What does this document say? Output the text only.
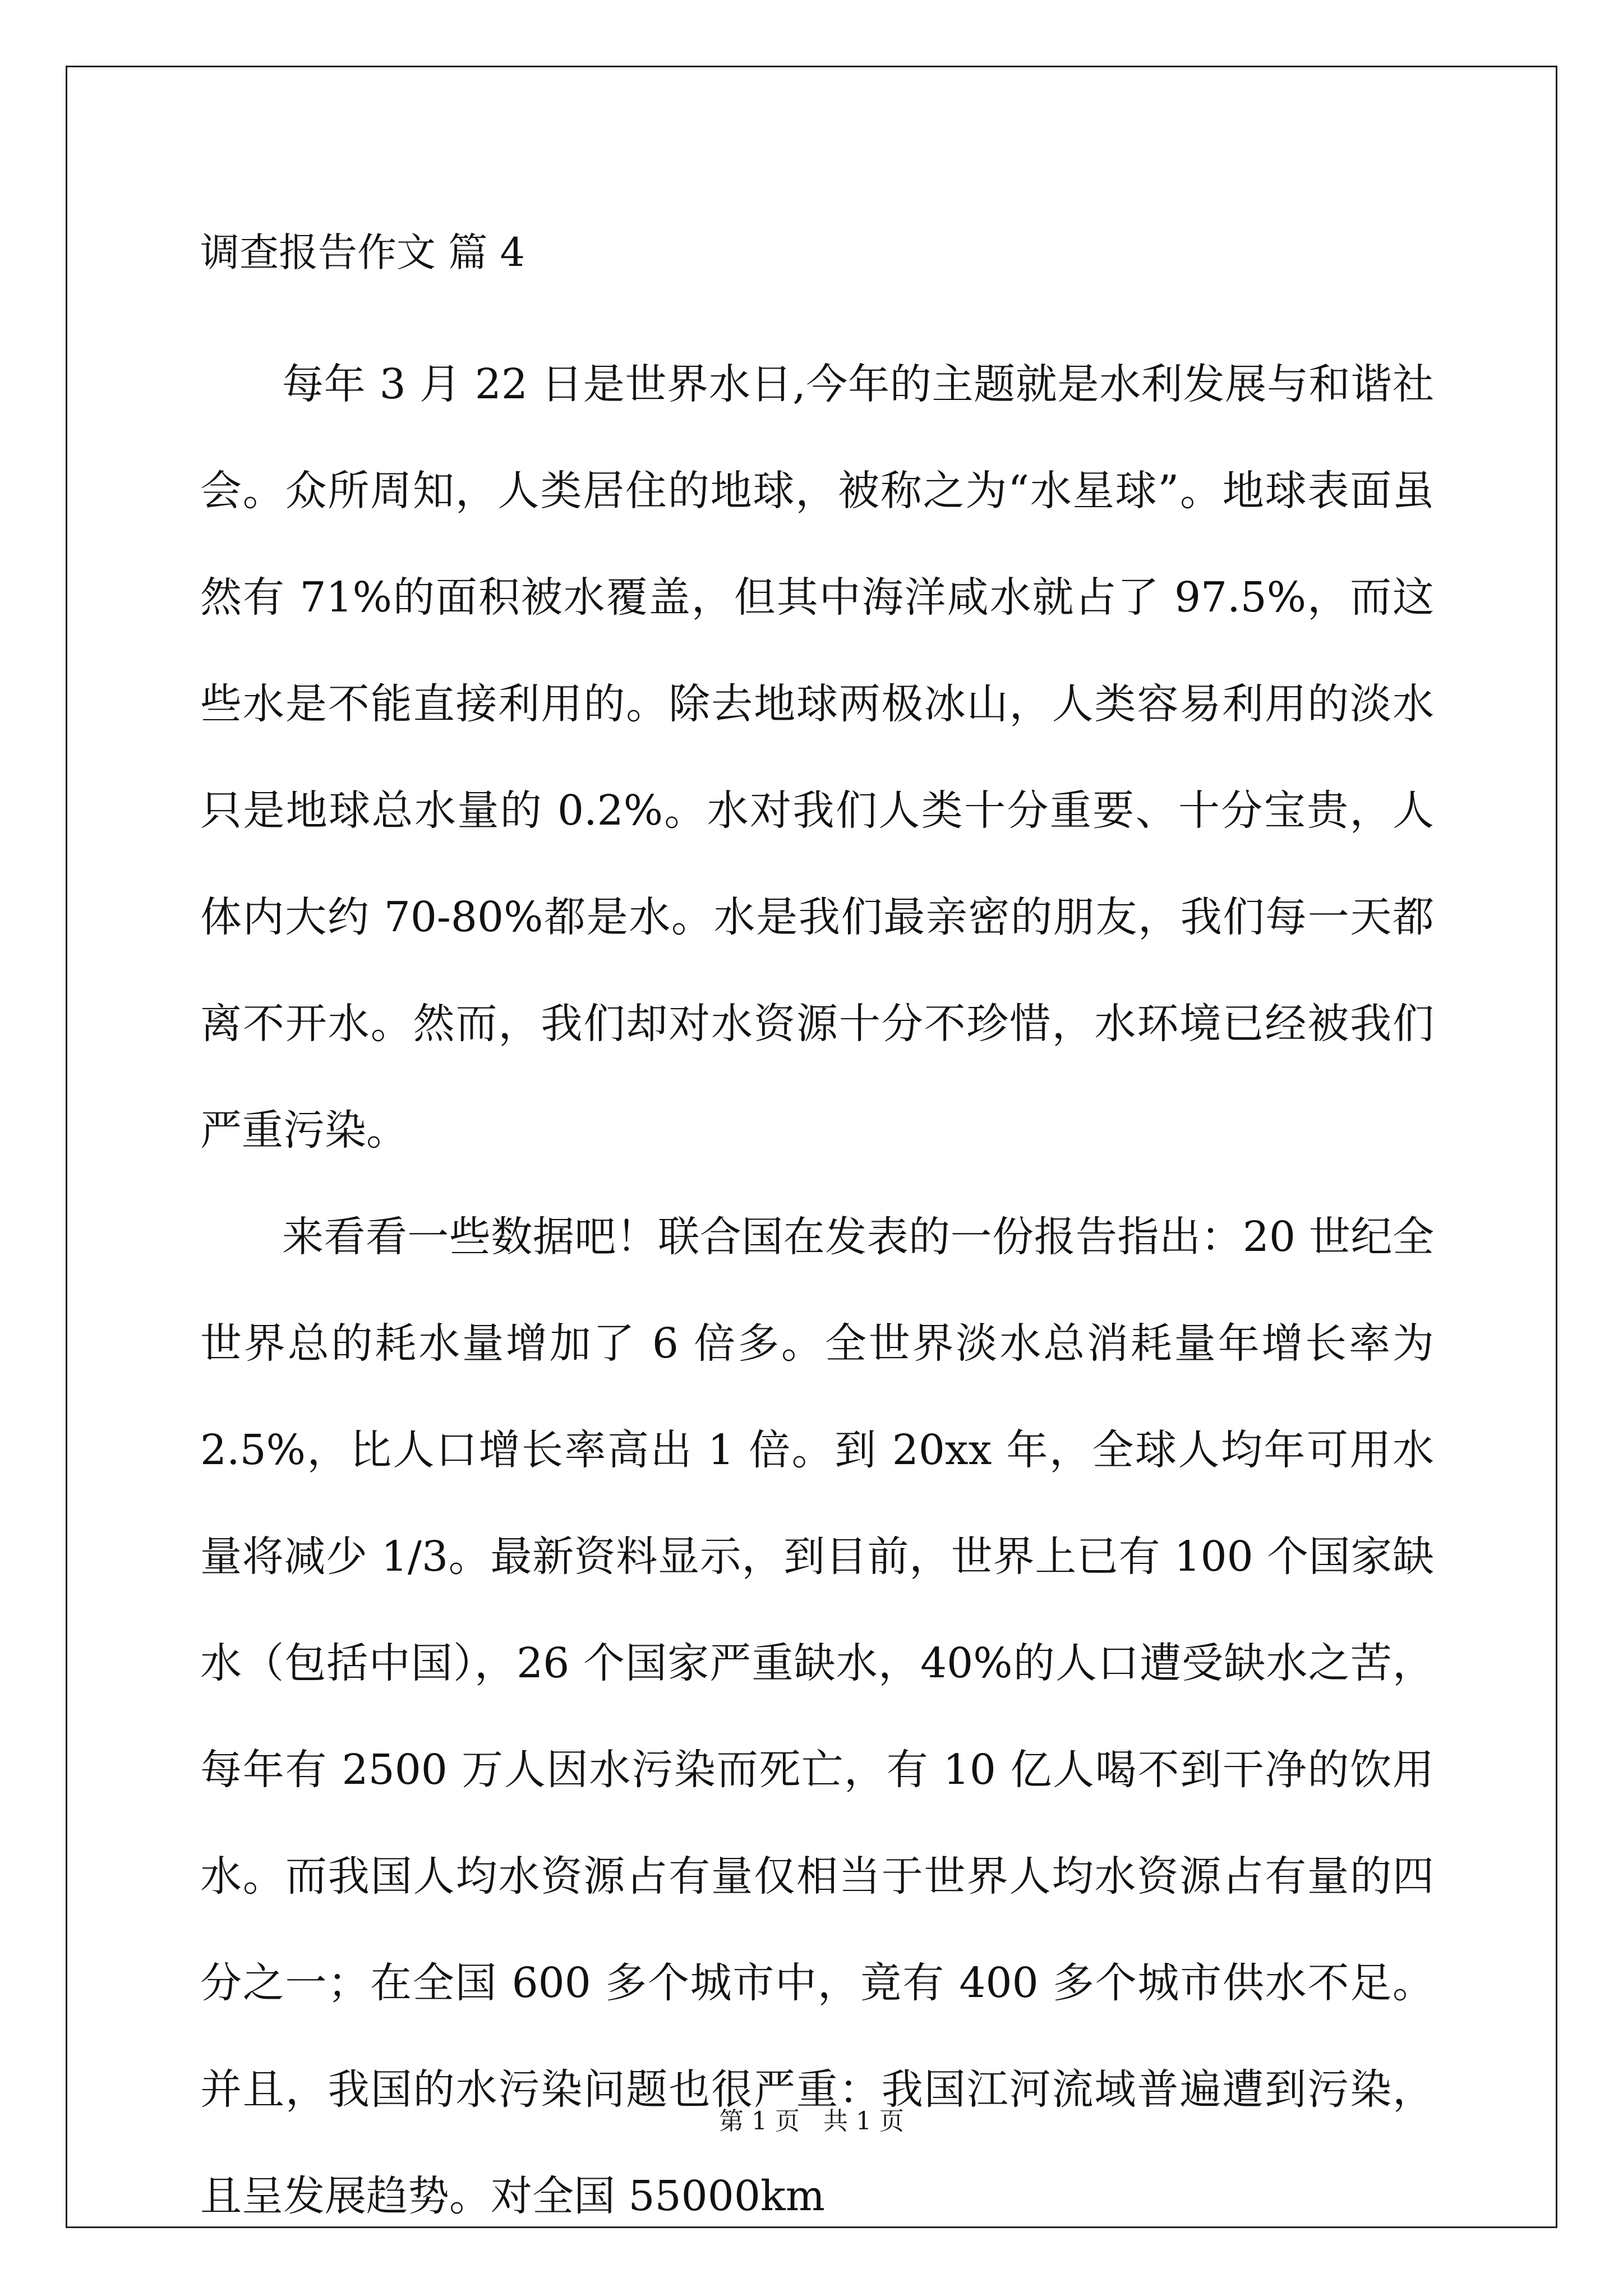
调查报告作文 篇 4

每年 3 月 22 日是世界水日,今年的主题就是水利发展与和谐社会。众所周知，人类居住的地球，被称之为“水星球”。地球表面虽然有 71%的面积被水覆盖，但其中海洋咸水就占了 97.5%，而这些水是不能直接利用的。除去地球两极冰山，人类容易利用的淡水只是地球总水量的 0.2%。水对我们人类十分重要、十分宝贵，人体内大约 70-80%都是水。水是我们最亲密的朋友，我们每一天都离不开水。然而，我们却对水资源十分不珍惜，水环境已经被我们严重污染。

来看看一些数据吧！联合国在发表的一份报告指出：20 世纪全世界总的耗水量增加了 6 倍多。全世界淡水总消耗量年增长率为 2.5%，比人口增长率高出 1 倍。到 20xx 年，全球人均年可用水量将减少 1/3。最新资料显示，到目前，世界上已有 100 个国家缺水（包括中国），26 个国家严重缺水，40%的人口遭受缺水之苦，每年有 2500 万人因水污染而死亡，有 10 亿人喝不到干净的饮用水。而我国人均水资源占有量仅相当于世界人均水资源占有量的四分之一；在全国 600 多个城市中，竟有 400 多个城市供水不足。并且，我国的水污染问题也很严重：我国江河流域普遍遭到污染，且呈发展趋势。对全国 55000km

第 1 页   共 1 页
